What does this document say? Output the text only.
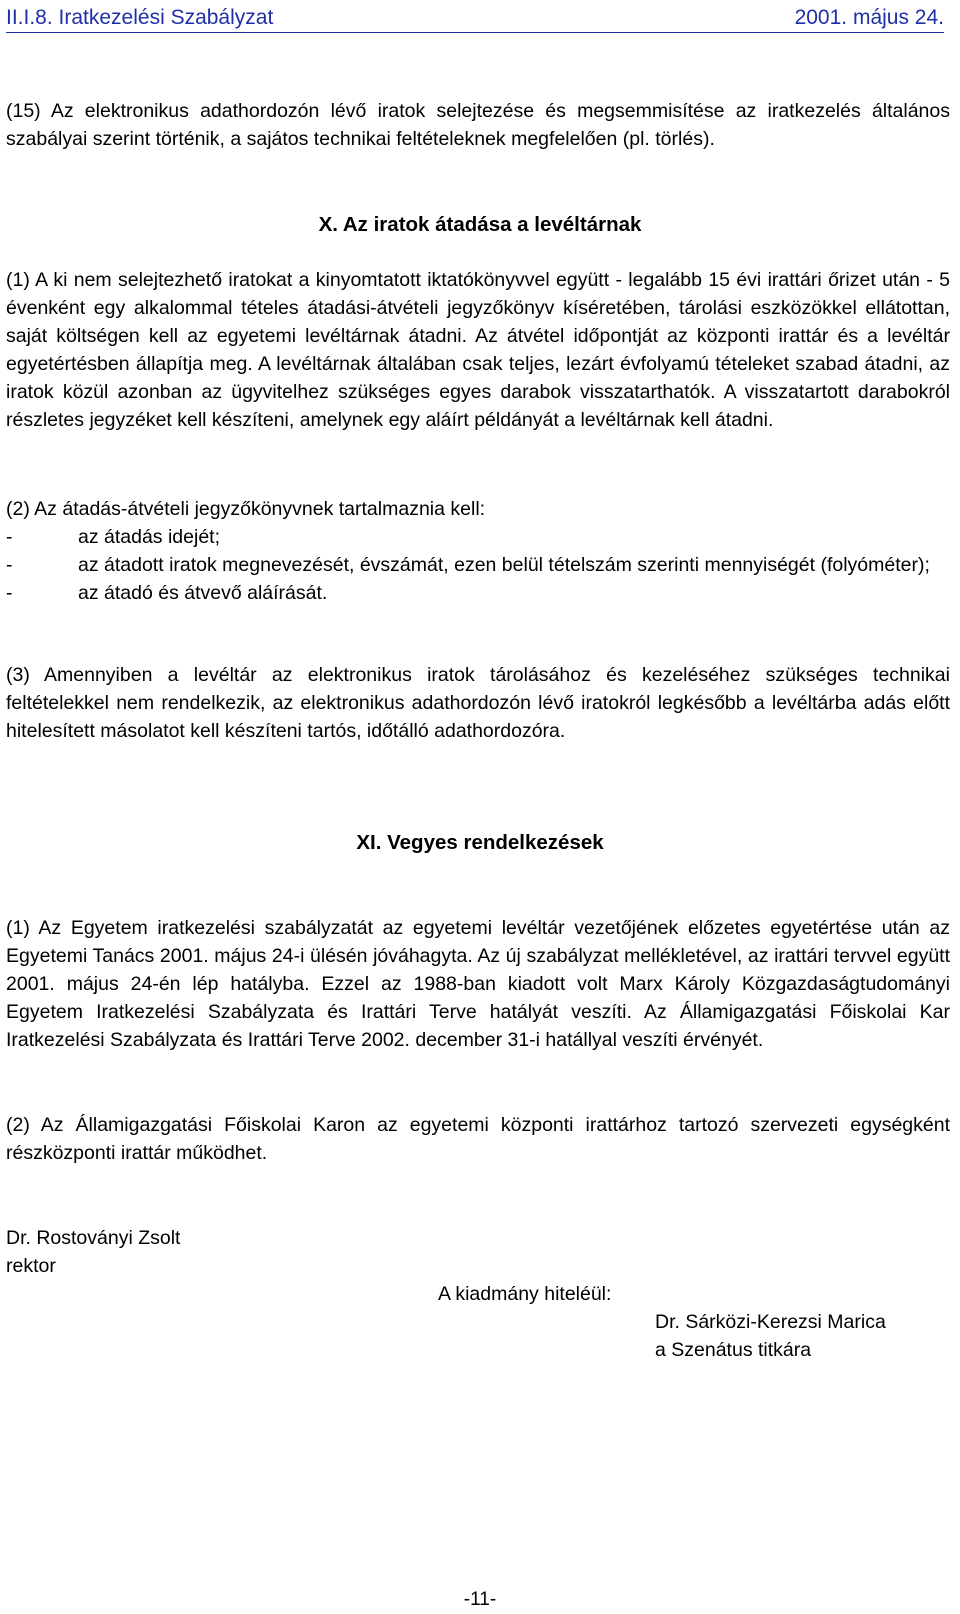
II.I.8. Iratkezelési Szabályzat	2001. május 24.

(15) Az elektronikus adathordozón lévő iratok selejtezése és megsemmisítése az iratkezelés általános szabályai szerint történik, a sajátos technikai feltételeknek megfelelően (pl. törlés).

X. Az iratok átadása a levéltárnak

(1) A ki nem selejtezhető iratokat a kinyomtatott iktatókönyvvel együtt - legalább 15 évi irattári őrizet után - 5 évenként egy alkalommal tételes átadási-átvételi jegyzőkönyv kíséretében, tárolási eszközökkel ellátottan, saját költségen kell az egyetemi levéltárnak átadni. Az átvétel időpontját az központi irattár és a levéltár egyetértésben állapítja meg. A levéltárnak általában csak teljes, lezárt évfolyamú tételeket szabad átadni, az iratok közül azonban az ügyvitelhez szükséges egyes darabok visszatarthatók. A visszatartott darabokról részletes jegyzéket kell készíteni, amelynek egy aláírt példányát a levéltárnak kell átadni.

(2) Az átadás-átvételi jegyzőkönyvnek tartalmaznia kell:

-	az átadás idejét;
-	az átadott iratok megnevezését, évszámát, ezen belül tételszám szerinti mennyiségét (folyóméter);
-	az átadó és átvevő aláírását.

(3) Amennyiben a levéltár az elektronikus iratok tárolásához és kezeléséhez szükséges technikai feltételekkel nem rendelkezik, az elektronikus adathordozón lévő iratokról legkésőbb a levéltárba adás előtt hitelesített másolatot kell készíteni tartós, időtálló adathordozóra.

XI. Vegyes rendelkezések

(1) Az Egyetem iratkezelési szabályzatát az egyetemi levéltár vezetőjének előzetes egyetértése után az Egyetemi Tanács 2001. május 24-i ülésén jóváhagyta. Az új szabályzat mellékletével, az irattári tervvel együtt 2001. május 24-én lép hatályba. Ezzel az 1988-ban kiadott volt Marx Károly Közgazdaságtudományi Egyetem Iratkezelési Szabályzata és Irattári Terve hatályát veszíti. Az Államigazgatási Főiskolai Kar Iratkezelési Szabályzata és Irattári Terve 2002. december 31-i hatállyal veszíti érvényét.

(2) Az Államigazgatási Főiskolai Karon az egyetemi központi irattárhoz tartozó szervezeti egységként részközponti irattár működhet.

Dr. Rostoványi Zsolt
rektor
A kiadmány hiteléül:
Dr. Sárközi-Kerezsi Marica
a Szenátus titkára
-11-
